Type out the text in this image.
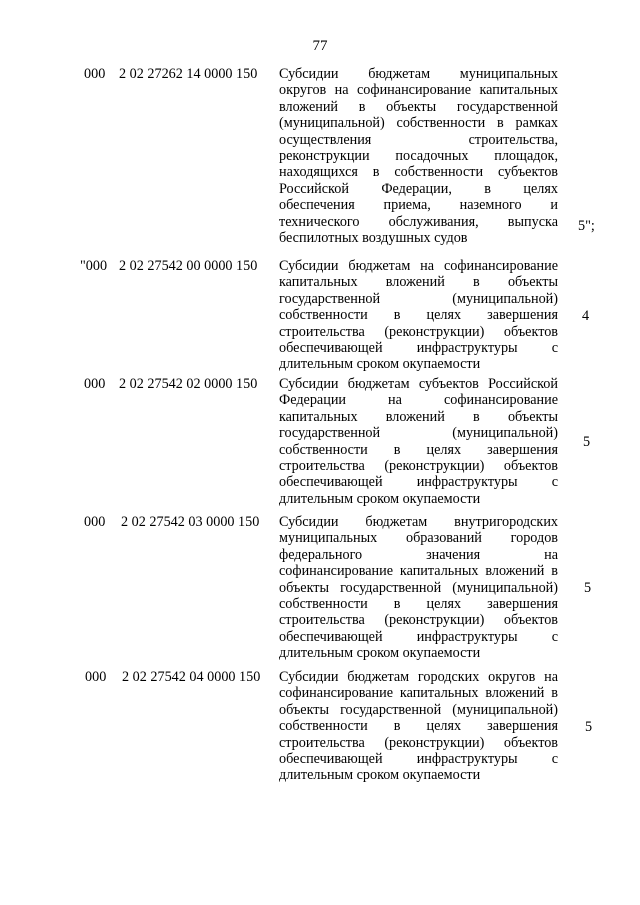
77
000 2 02 27262 14 0000 150 Субсидии бюджетам муниципальных
округов на софинансирование капитальных
вложений в объекты государственной
(муниципальной) собственности в рамках
осуществления строительства,
реконструкции посадочных площадок,
находящихся в собственности субъектов
Российской Федерации, в целях
обеспечения приема, наземного и
технического обслуживания, выпуска
беспилотных воздушных судов
5";
"000 2 02 27542 00 0000 150 Субсидии бюджетам на софинансирование
капитальных вложений в объекты
государственной (муниципальной)
собственности в целях завершения
строительства (реконструкции) объектов
обеспечивающей инфраструктуры с
длительным сроком окупаемости
4
000 2 02 27542 02 0000 150 Субсидии бюджетам субъектов Российской
Федерации на софинансирование
капитальных вложений в объекты
государственной (муниципальной)
собственности в целях завершения
строительства (реконструкции) объектов
обеспечивающей инфраструктуры с
длительным сроком окупаемости
5
000 2 02 27542 03 0000 150 Субсидии бюджетам внутригородских
муниципальных образований городов
федерального значения на
софинансирование капитальных вложений в
объекты государственной (муниципальной)
собственности в целях завершения
строительства (реконструкции) объектов
обеспечивающей инфраструктуры с
длительным сроком окупаемости
5
000 2 02 27542 04 0000 150 Субсидии бюджетам городских округов на
софинансирование капитальных вложений в
объекты государственной (муниципальной)
собственности в целях завершения
строительства (реконструкции) объектов
обеспечивающей инфраструктуры с
длительным сроком окупаемости
5
